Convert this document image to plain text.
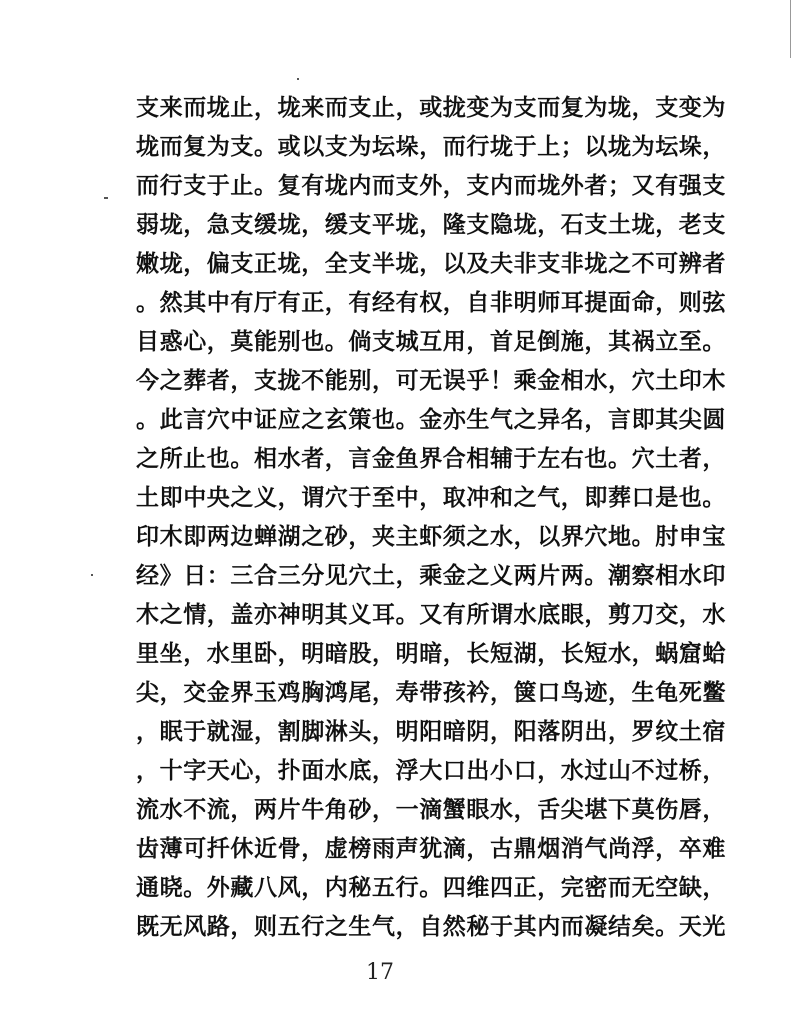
支来而垅止，垅来而支止，或拢变为支而复为垅，支变为
垅而复为支。或以支为坛垛，而行垅于上；以垅为坛垛，
而行支于止。复有垅内而支外，支内而垅外者；又有强支
弱垅，急支缓垅，缓支平垅，隆支隐垅，石支土垅，老支
嫩垅，偏支正垅，全支半垅，以及夫非支非垅之不可辨者
。然其中有厅有正，有经有权，自非明师耳提面命，则弦
目惑心，莫能别也。倘支城互用，首足倒施，其祸立至。
今之葬者，支拢不能别，可无误乎！乘金相水，穴土印木
。此言穴中证应之玄策也。金亦生气之异名，言即其尖圆
之所止也。相水者，言金鱼界合相辅于左右也。穴土者，
土即中央之义，谓穴于至中，取冲和之气，即葬口是也。
印木即两边蝉湖之砂，夹主虾须之水，以界穴地。肘申宝
经》日：三合三分见穴土，乘金之义两片两。潮察相水印
木之情，盖亦神明其义耳。又有所谓水底眼，剪刀交，水
里坐，水里卧，明暗股，明暗，长短湖，长短水，蜗窟蛤
尖，交金界玉鸡胸鸿尾，寿带孩衿，箧口鸟迹，生龟死鳖
，眠于就湿，割脚淋头，明阳暗阴，阳落阴出，罗纹土宿
，十字天心，扑面水底，浮大口出小口，水过山不过桥，
流水不流，两片牛角砂，一滴蟹眼水，舌尖堪下莫伤唇，
齿薄可扦休近骨，虚榜雨声犹滴，古鼎烟消气尚浮，卒难
通晓。外藏八风，内秘五行。四维四正，完密而无空缺，
既无风路，则五行之生气，自然秘于其内而凝结矣。天光
17
